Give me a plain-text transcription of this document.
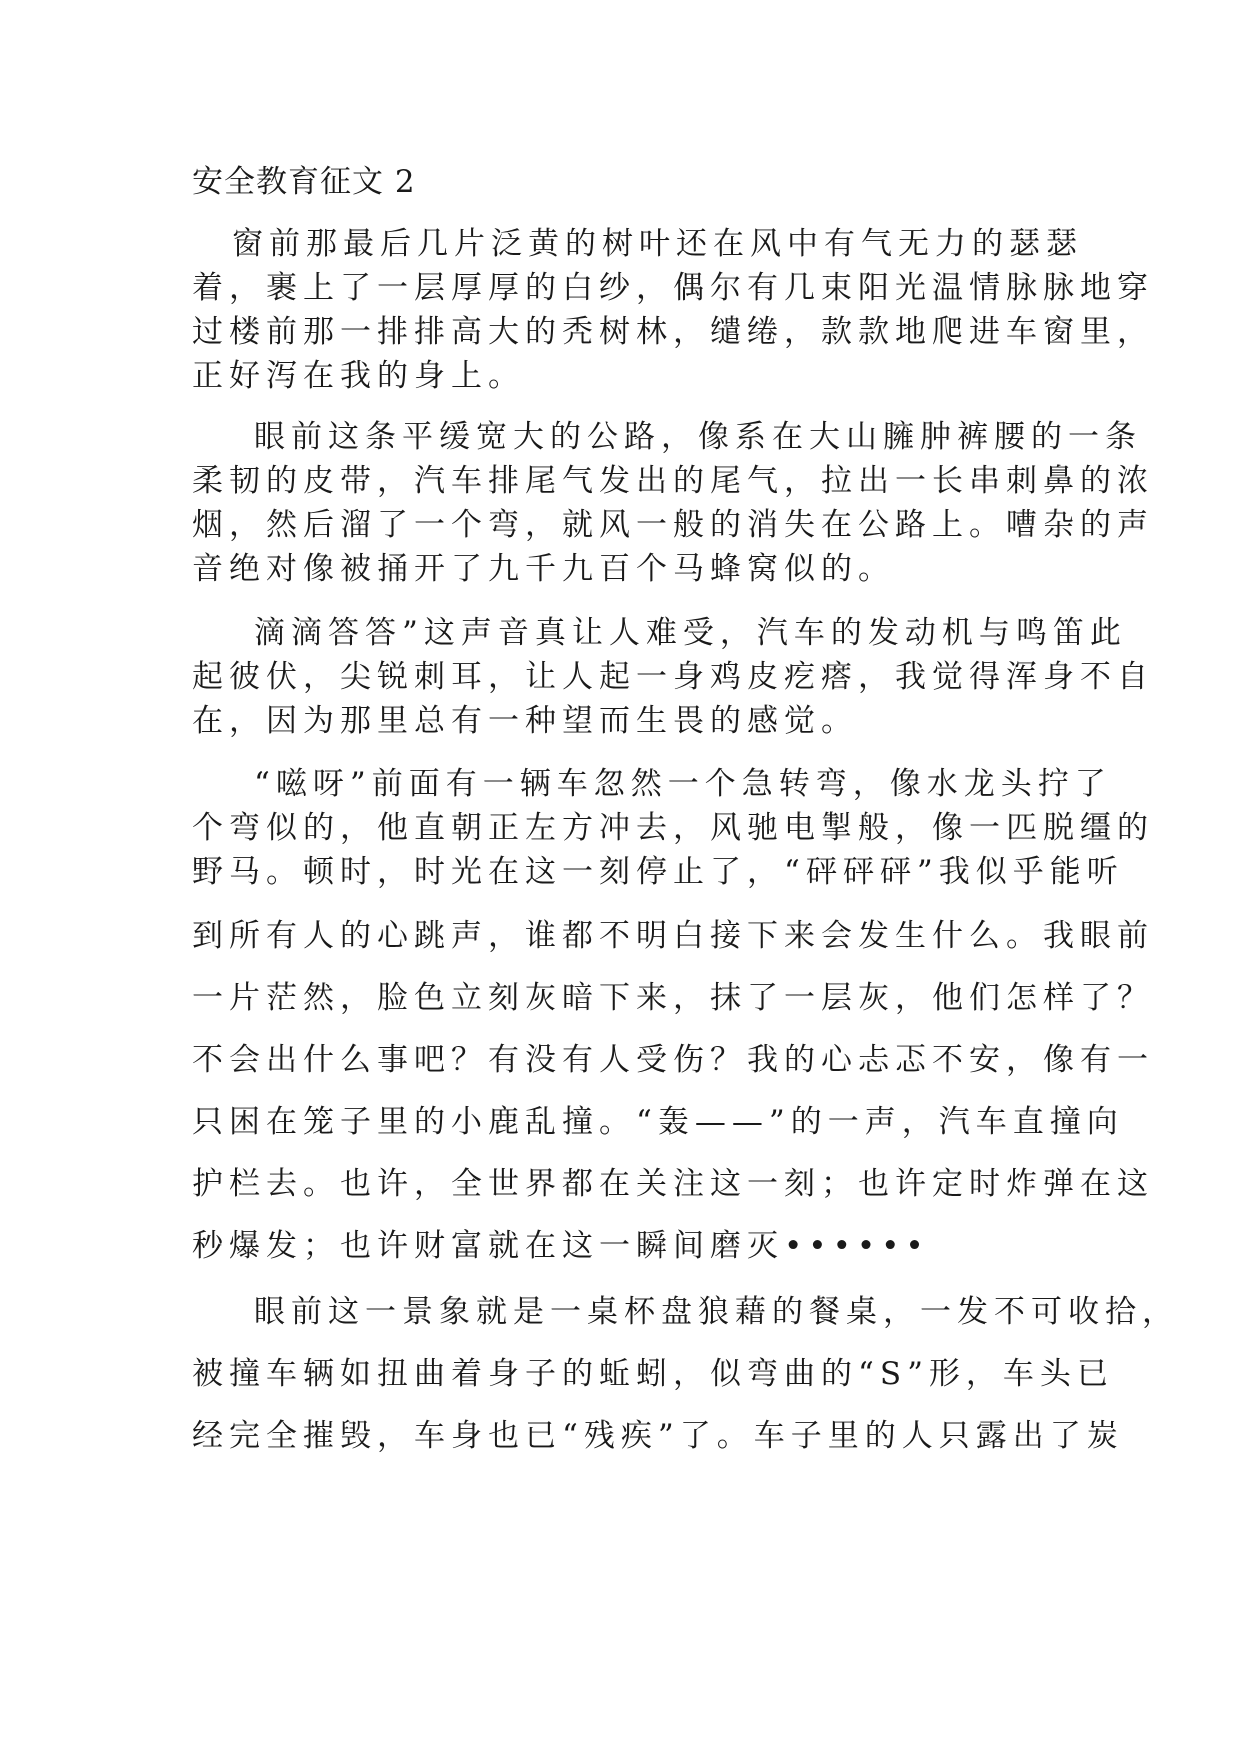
安全教育征文 2

窗前那最后几片泛黄的树叶还在风中有气无力的瑟瑟

着，裹上了一层厚厚的白纱，偶尔有几束阳光温情脉脉地穿

过楼前那一排排高大的秃树林，缱绻，款款地爬进车窗里，

正好泻在我的身上。

眼前这条平缓宽大的公路，像系在大山臃肿裤腰的一条

柔韧的皮带，汽车排尾气发出的尾气，拉出一长串刺鼻的浓

烟，然后溜了一个弯，就风一般的消失在公路上。嘈杂的声

音绝对像被捅开了九千九百个马蜂窝似的。

滴滴答答”这声音真让人难受，汽车的发动机与鸣笛此

起彼伏，尖锐刺耳，让人起一身鸡皮疙瘩，我觉得浑身不自

在，因为那里总有一种望而生畏的感觉。

“嗞呀”前面有一辆车忽然一个急转弯，像水龙头拧了

个弯似的，他直朝正左方冲去，风驰电掣般，像一匹脱缰的

野马。顿时，时光在这一刻停止了，“砰砰砰”我似乎能听

到所有人的心跳声，谁都不明白接下来会发生什么。我眼前

一片茫然，脸色立刻灰暗下来，抹了一层灰，他们怎样了？

不会出什么事吧？有没有人受伤？我的心忐忑不安，像有一

只困在笼子里的小鹿乱撞。“轰——”的一声，汽车直撞向

护栏去。也许，全世界都在关注这一刻；也许定时炸弹在这

秒爆发；也许财富就在这一瞬间磨灭••••••

眼前这一景象就是一桌杯盘狼藉的餐桌，一发不可收拾，

被撞车辆如扭曲着身子的蚯蚓，似弯曲的“S”形，车头已

经完全摧毁，车身也已“残疾”了。车子里的人只露出了炭
